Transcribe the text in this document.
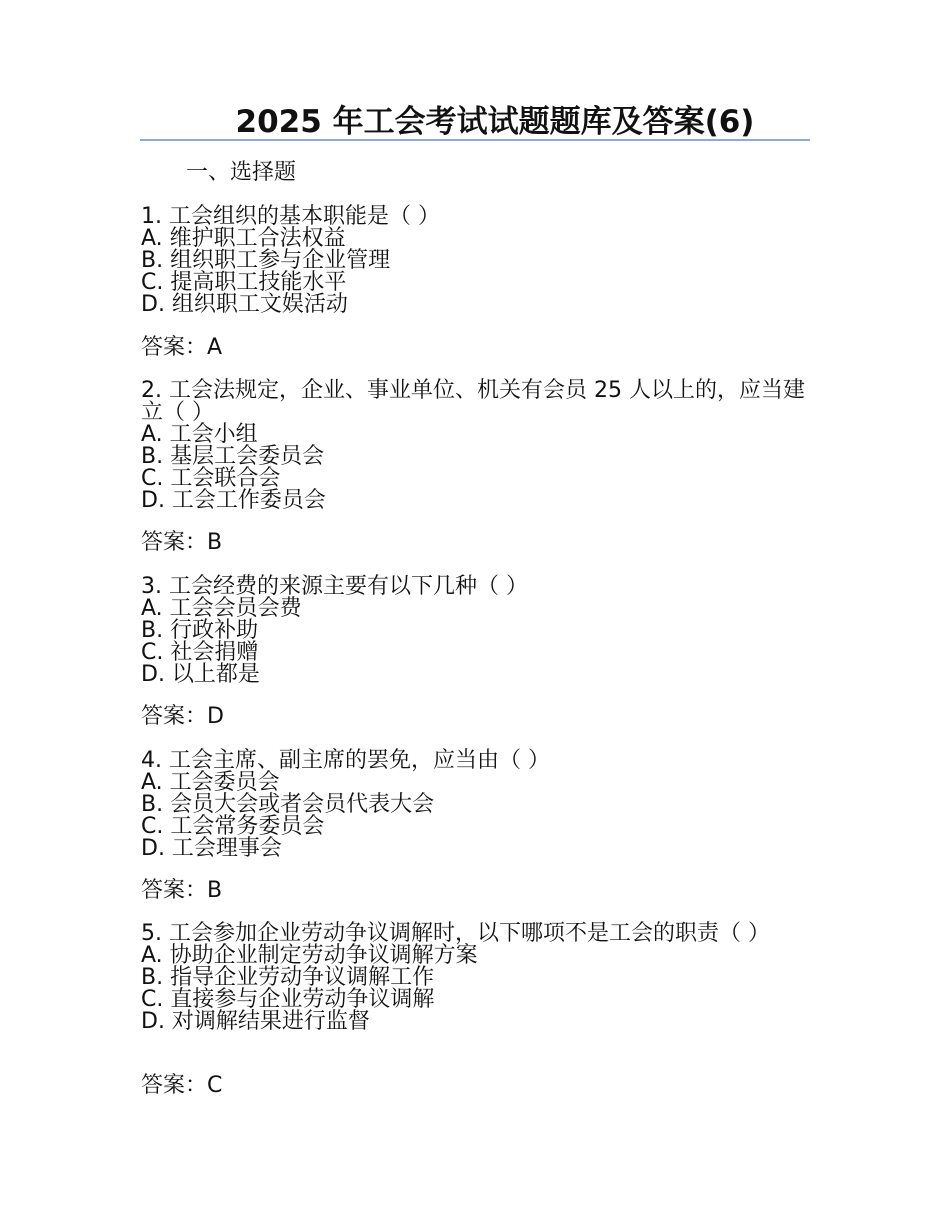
2025 年工会考试试题题库及答案(6)
一、选择题

1. 工会组织的基本职能是（ ）

A. 维护职工合法权益

B. 组织职工参与企业管理

C. 提高职工技能水平

D. 组织职工文娱活动

答案：A

2. 工会法规定，企业、事业单位、机关有会员 25 人以上的，应当建立（ ）

A. 工会小组

B. 基层工会委员会

C. 工会联合会

D. 工会工作委员会

答案：B

3. 工会经费的来源主要有以下几种（ ）

A. 工会会员会费

B. 行政补助

C. 社会捐赠

D. 以上都是

答案：D

4. 工会主席、副主席的罢免，应当由（ ）

A. 工会委员会

B. 会员大会或者会员代表大会

C. 工会常务委员会

D. 工会理事会

答案：B

5. 工会参加企业劳动争议调解时，以下哪项不是工会的职责（ ）

A. 协助企业制定劳动争议调解方案

B. 指导企业劳动争议调解工作

C. 直接参与企业劳动争议调解

D. 对调解结果进行监督

答案：C
